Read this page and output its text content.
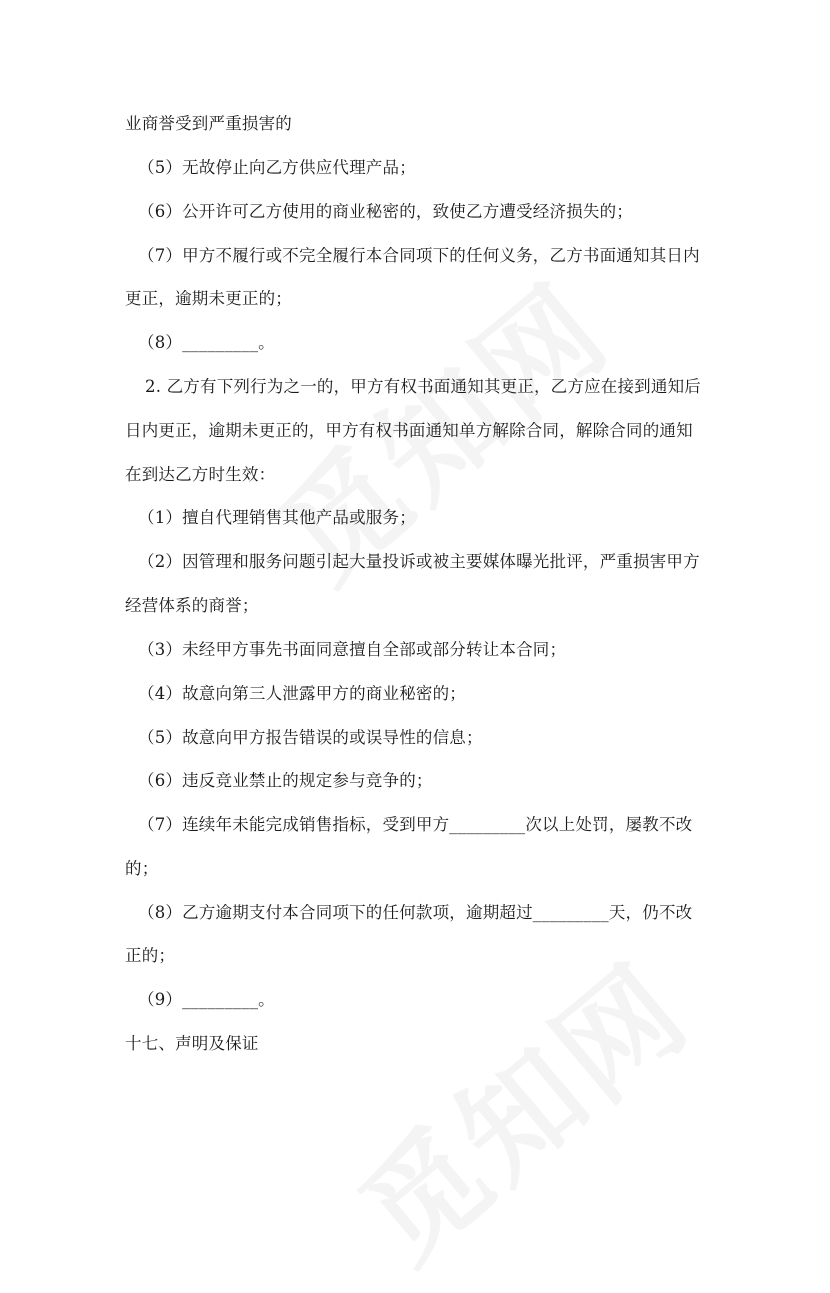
业商誉受到严重损害的
（5）无故停止向乙方供应代理产品；
（6）公开许可乙方使用的商业秘密的，致使乙方遭受经济损失的；
（7）甲方不履行或不完全履行本合同项下的任何义务，乙方书面通知其日内
更正，逾期未更正的；
（8）_________。
2. 乙方有下列行为之一的，甲方有权书面通知其更正，乙方应在接到通知后
日内更正，逾期未更正的，甲方有权书面通知单方解除合同，解除合同的通知
在到达乙方时生效：
（1）擅自代理销售其他产品或服务；
（2）因管理和服务问题引起大量投诉或被主要媒体曝光批评，严重损害甲方
经营体系的商誉；
（3）未经甲方事先书面同意擅自全部或部分转让本合同；
（4）故意向第三人泄露甲方的商业秘密的；
（5）故意向甲方报告错误的或误导性的信息；
（6）违反竞业禁止的规定参与竞争的；
（7）连续年未能完成销售指标，受到甲方_________次以上处罚，屡教不改
的；
（8）乙方逾期支付本合同项下的任何款项，逾期超过_________天，仍不改
正的；
（9）_________。
十七、声明及保证
